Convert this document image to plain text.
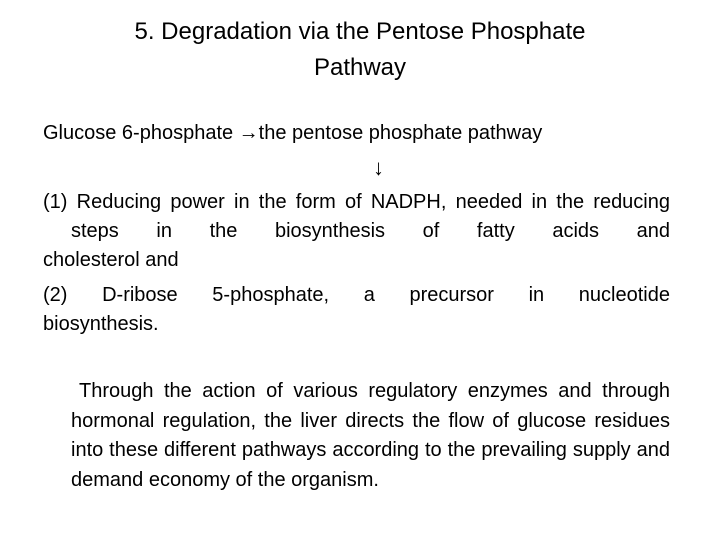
5. Degradation via the Pentose Phosphate
Pathway
Glucose 6-phosphate →the pentose phosphate pathway
↓
(1) Reducing power in the form of NADPH, needed in the reducing steps in the biosynthesis of fatty acids and
cholesterol and
(2) D-ribose 5-phosphate, a precursor in nucleotide
biosynthesis.
Through the action of various regulatory enzymes and through hormonal regulation, the liver directs the flow of glucose residues into these different pathways according to the prevailing supply and demand economy of the organism.
